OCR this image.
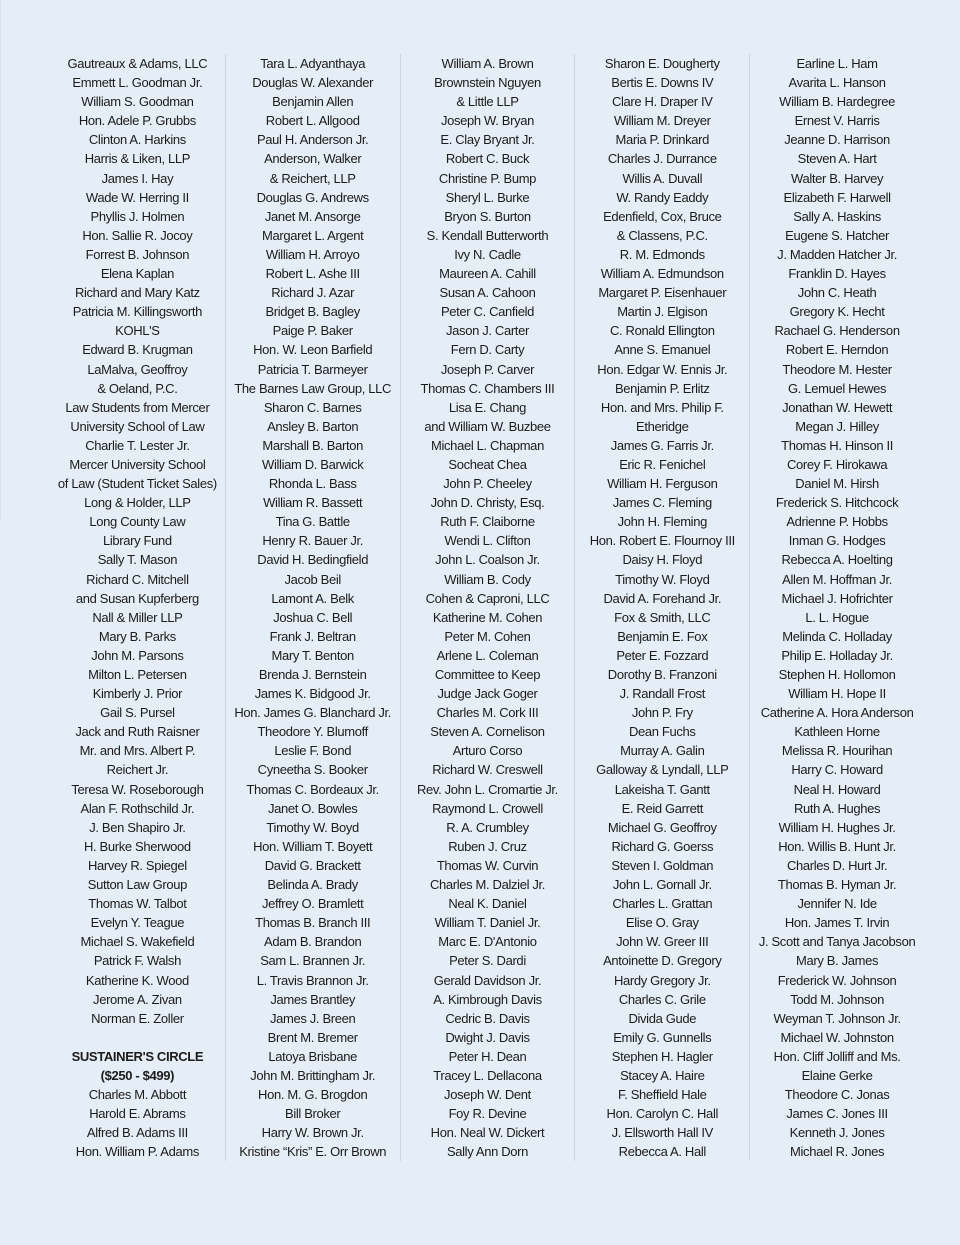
Gautreaux & Adams, LLC
Emmett L. Goodman Jr.
William S. Goodman
Hon. Adele P. Grubbs
Clinton A. Harkins
Harris & Liken, LLP
James I. Hay
Wade W. Herring II
Phyllis J. Holmen
Hon. Sallie R. Jocoy
Forrest B. Johnson
Elena Kaplan
Richard and Mary Katz
Patricia M. Killingsworth
KOHL'S
Edward B. Krugman
LaMalva, Geoffroy
& Oeland, P.C.
Law Students from Mercer
University School of Law
Charlie T. Lester Jr.
Mercer University School
of Law (Student Ticket Sales)
Long & Holder, LLP
Long County Law
Library Fund
Sally T. Mason
Richard C. Mitchell
and Susan Kupferberg
Nall & Miller LLP
Mary B. Parks
John M. Parsons
Milton L. Petersen
Kimberly J. Prior
Gail S. Pursel
Jack and Ruth Raisner
Mr. and Mrs. Albert P.
Reichert Jr.
Teresa W. Roseborough
Alan F. Rothschild Jr.
J. Ben Shapiro Jr.
H. Burke Sherwood
Harvey R. Spiegel
Sutton Law Group
Thomas W. Talbot
Evelyn Y. Teague
Michael S. Wakefield
Patrick F. Walsh
Katherine K. Wood
Jerome A. Zivan
Norman E. Zoller
SUSTAINER'S CIRCLE
($250 - $499)
Charles M. Abbott
Harold E. Abrams
Alfred B. Adams III
Hon. William P. Adams
Tara L. Adyanthaya
Douglas W. Alexander
Benjamin Allen
Robert L. Allgood
Paul H. Anderson Jr.
Anderson, Walker
& Reichert, LLP
Douglas G. Andrews
Janet M. Ansorge
Margaret L. Argent
William H. Arroyo
Robert L. Ashe III
Richard J. Azar
Bridget B. Bagley
Paige P. Baker
Hon. W. Leon Barfield
Patricia T. Barmeyer
The Barnes Law Group, LLC
Sharon C. Barnes
Ansley B. Barton
Marshall B. Barton
William D. Barwick
Rhonda L. Bass
William R. Bassett
Tina G. Battle
Henry R. Bauer Jr.
David H. Bedingfield
Jacob Beil
Lamont A. Belk
Joshua C. Bell
Frank J. Beltran
Mary T. Benton
Brenda J. Bernstein
James K. Bidgood Jr.
Hon. James G. Blanchard Jr.
Theodore Y. Blumoff
Leslie F. Bond
Cyneetha S. Booker
Thomas C. Bordeaux Jr.
Janet O. Bowles
Timothy W. Boyd
Hon. William T. Boyett
David G. Brackett
Belinda A. Brady
Jeffrey O. Bramlett
Thomas B. Branch III
Adam B. Brandon
Sam L. Brannen Jr.
L. Travis Brannon Jr.
James Brantley
James J. Breen
Brent M. Bremer
Latoya Brisbane
John M. Brittingham Jr.
Hon. M. G. Brogdon
Bill Broker
Harry W. Brown Jr.
Kristine “Kris” E. Orr Brown
William A. Brown
Brownstein Nguyen
& Little LLP
Joseph W. Bryan
E. Clay Bryant Jr.
Robert C. Buck
Christine P. Bump
Sheryl L. Burke
Bryon S. Burton
S. Kendall Butterworth
Ivy N. Cadle
Maureen A. Cahill
Susan A. Cahoon
Peter C. Canfield
Jason J. Carter
Fern D. Carty
Joseph P. Carver
Thomas C. Chambers III
Lisa E. Chang
and William W. Buzbee
Michael L. Chapman
Socheat Chea
John P. Cheeley
John D. Christy, Esq.
Ruth F. Claiborne
Wendi L. Clifton
John L. Coalson Jr.
William B. Cody
Cohen & Caproni, LLC
Katherine M. Cohen
Peter M. Cohen
Arlene L. Coleman
Committee to Keep
Judge Jack Goger
Charles M. Cork III
Steven A. Cornelison
Arturo Corso
Richard W. Creswell
Rev. John L. Cromartie Jr.
Raymond L. Crowell
R. A. Crumbley
Ruben J. Cruz
Thomas W. Curvin
Charles M. Dalziel Jr.
Neal K. Daniel
William T. Daniel Jr.
Marc E. D'Antonio
Peter S. Dardi
Gerald Davidson Jr.
A. Kimbrough Davis
Cedric B. Davis
Dwight J. Davis
Peter H. Dean
Tracey L. Dellacona
Joseph W. Dent
Foy R. Devine
Hon. Neal W. Dickert
Sally Ann Dorn
Sharon E. Dougherty
Bertis E. Downs IV
Clare H. Draper IV
William M. Dreyer
Maria P. Drinkard
Charles J. Durrance
Willis A. Duvall
W. Randy Eaddy
Edenfield, Cox, Bruce
& Classens, P.C.
R. M. Edmonds
William A. Edmundson
Margaret P. Eisenhauer
Martin J. Elgison
C. Ronald Ellington
Anne S. Emanuel
Hon. Edgar W. Ennis Jr.
Benjamin P. Erlitz
Hon. and Mrs. Philip F.
Etheridge
James G. Farris Jr.
Eric R. Fenichel
William H. Ferguson
James C. Fleming
John H. Fleming
Hon. Robert E. Flournoy III
Daisy H. Floyd
Timothy W. Floyd
David A. Forehand Jr.
Fox & Smith, LLC
Benjamin E. Fox
Peter E. Fozzard
Dorothy B. Franzoni
J. Randall Frost
John P. Fry
Dean Fuchs
Murray A. Galin
Galloway & Lyndall, LLP
Lakeisha T. Gantt
E. Reid Garrett
Michael G. Geoffroy
Richard G. Goerss
Steven I. Goldman
John L. Gornall Jr.
Charles L. Grattan
Elise O. Gray
John W. Greer III
Antoinette D. Gregory
Hardy Gregory Jr.
Charles C. Grile
Divida Gude
Emily G. Gunnells
Stephen H. Hagler
Stacey A. Haire
F. Sheffield Hale
Hon. Carolyn C. Hall
J. Ellsworth Hall IV
Rebecca A. Hall
Earline L. Ham
Avarita L. Hanson
William B. Hardegree
Ernest V. Harris
Jeanne D. Harrison
Steven A. Hart
Walter B. Harvey
Elizabeth F. Harwell
Sally A. Haskins
Eugene S. Hatcher
J. Madden Hatcher Jr.
Franklin D. Hayes
John C. Heath
Gregory K. Hecht
Rachael G. Henderson
Robert E. Herndon
Theodore M. Hester
G. Lemuel Hewes
Jonathan W. Hewett
Megan J. Hilley
Thomas H. Hinson II
Corey F. Hirokawa
Daniel M. Hirsh
Frederick S. Hitchcock
Adrienne P. Hobbs
Inman G. Hodges
Rebecca A. Hoelting
Allen M. Hoffman Jr.
Michael J. Hofrichter
L. L. Hogue
Melinda C. Holladay
Philip E. Holladay Jr.
Stephen H. Hollomon
William H. Hope II
Catherine A. Hora Anderson
Kathleen Horne
Melissa R. Hourihan
Harry C. Howard
Neal H. Howard
Ruth A. Hughes
William H. Hughes Jr.
Hon. Willis B. Hunt Jr.
Charles D. Hurt Jr.
Thomas B. Hyman Jr.
Jennifer N. Ide
Hon. James T. Irvin
J. Scott and Tanya Jacobson
Mary B. James
Frederick W. Johnson
Todd M. Johnson
Weyman T. Johnson Jr.
Michael W. Johnston
Hon. Cliff Jolliff and Ms.
Elaine Gerke
Theodore C. Jonas
James C. Jones III
Kenneth J. Jones
Michael R. Jones
